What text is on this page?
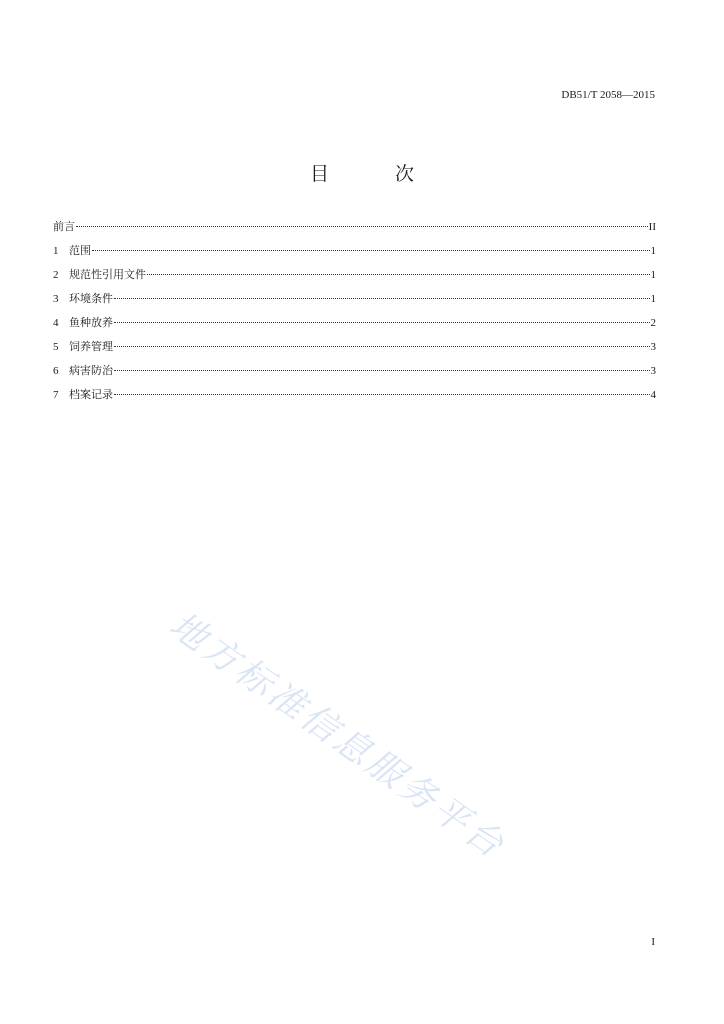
DB51/T 2058—2015
目 次
前言	II
1 范围	1
2 规范性引用文件	1
3 环境条件	1
4 鱼种放养	2
5 饲养管理	3
6 病害防治	3
7 档案记录	4
地方标准信息服务平台
I
